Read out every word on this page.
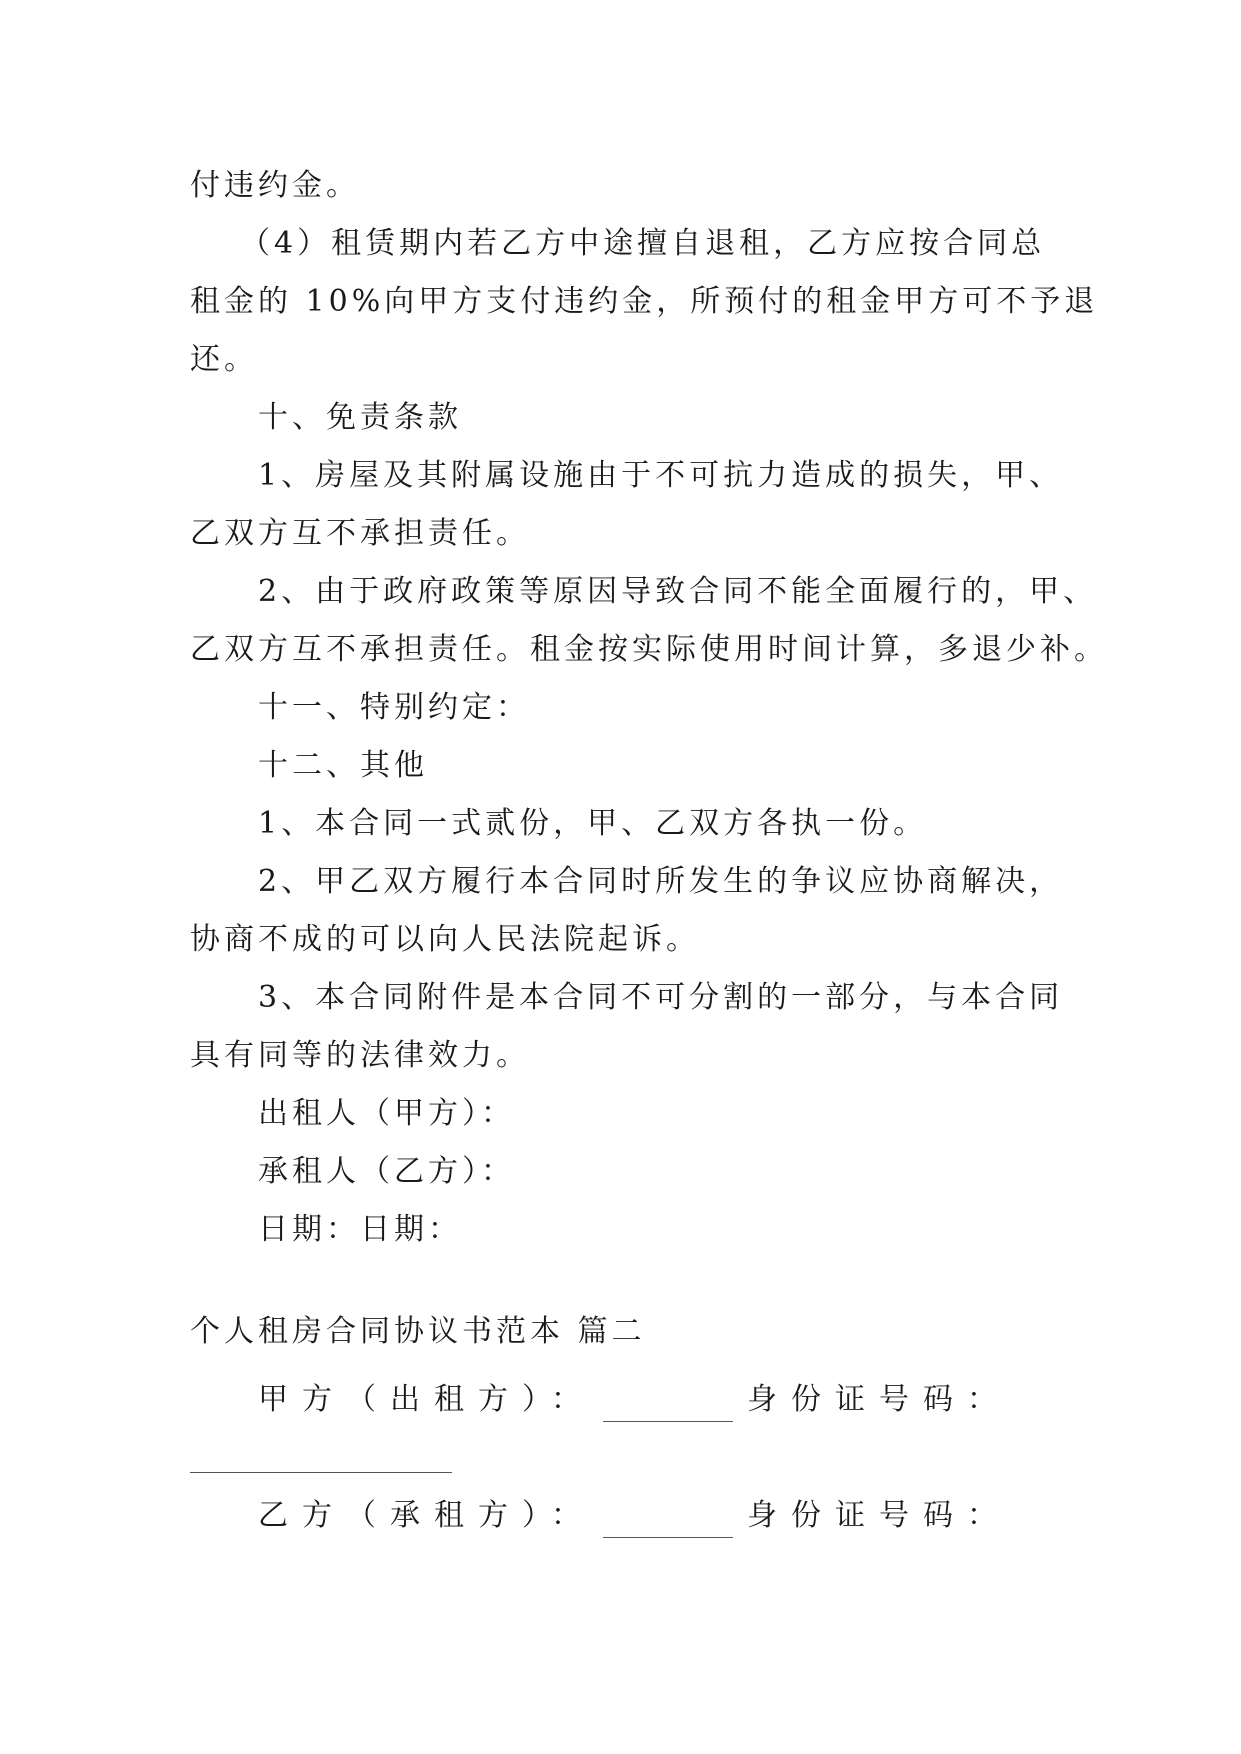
付违约金。
（4）租赁期内若乙方中途擅自退租，乙方应按合同总
租金的 10%向甲方支付违约金，所预付的租金甲方可不予退
还。
十、免责条款
1、房屋及其附属设施由于不可抗力造成的损失，甲、
乙双方互不承担责任。
2、由于政府政策等原因导致合同不能全面履行的，甲、
乙双方互不承担责任。租金按实际使用时间计算，多退少补。
十一、特别约定：
十二、其他
1、本合同一式贰份，甲、乙双方各执一份。
2、甲乙双方履行本合同时所发生的争议应协商解决，
协商不成的可以向人民法院起诉。
3、本合同附件是本合同不可分割的一部分，与本合同
具有同等的法律效力。
出租人（甲方）：
承租人（乙方）：
日期：日期：
个人租房合同协议书范本 篇二
甲方（出租方）：	身份证号码：
乙方（承租方）：	身份证号码：
